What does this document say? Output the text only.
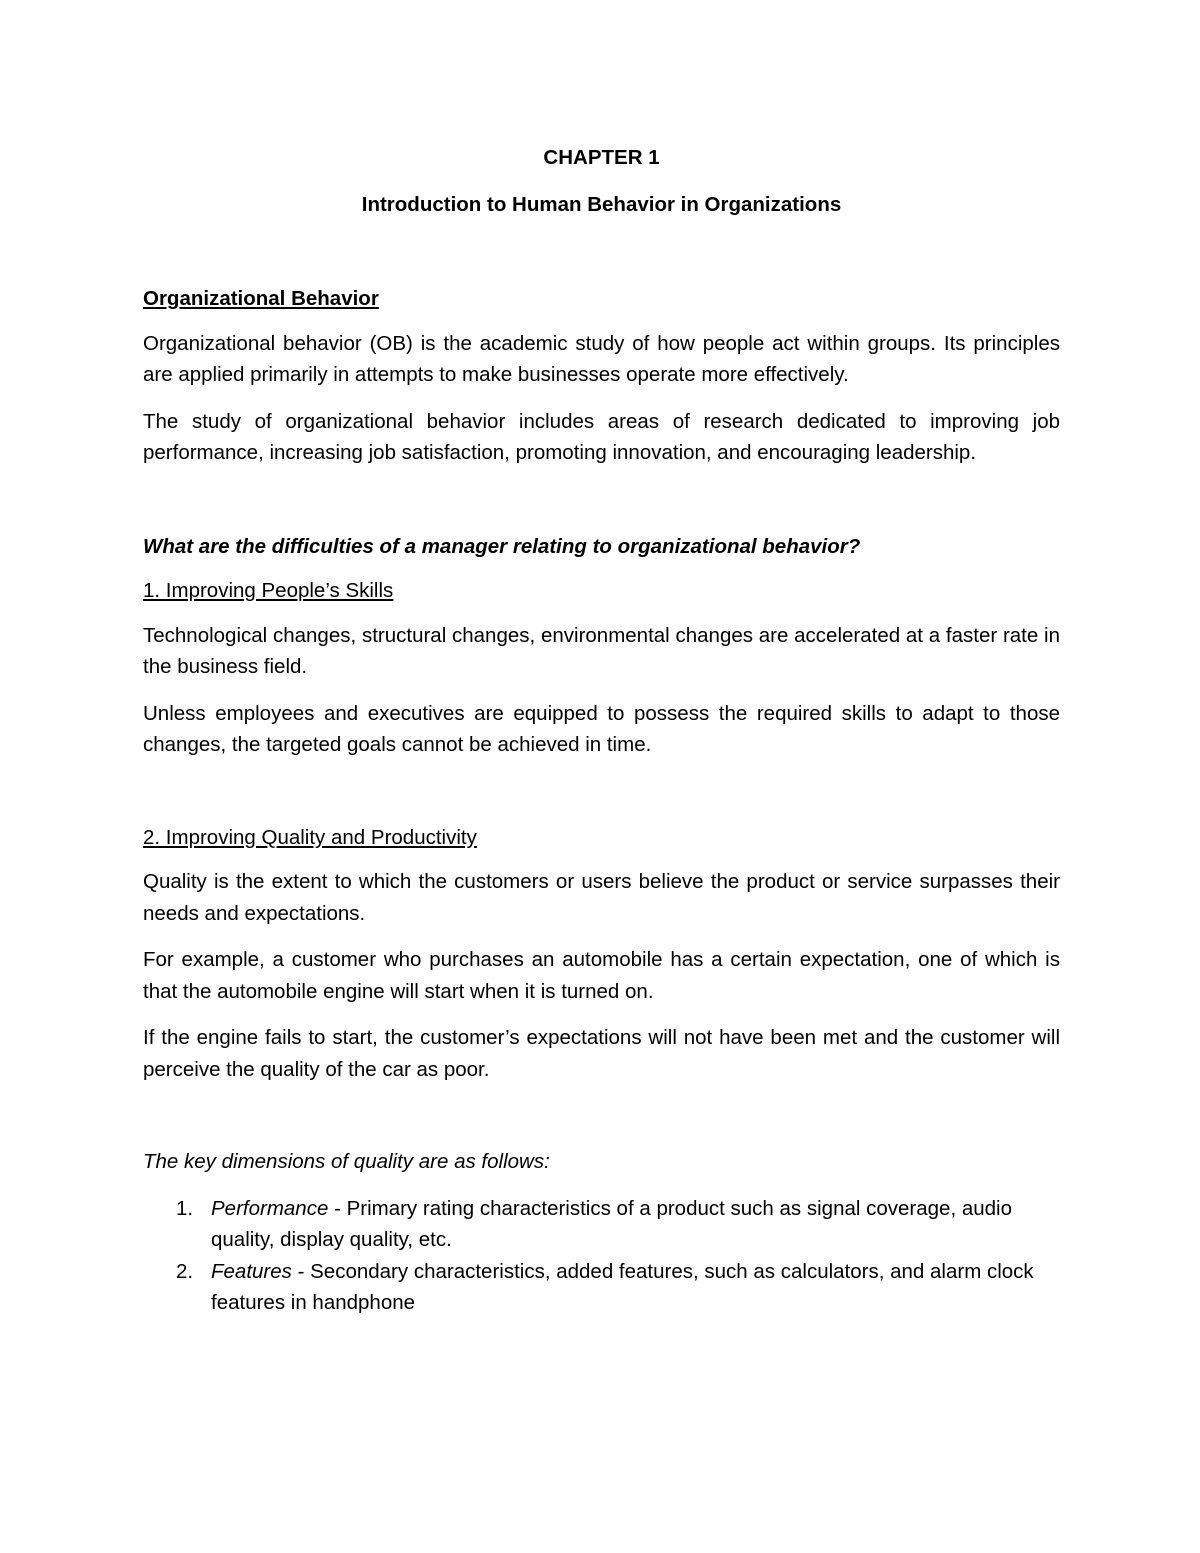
CHAPTER 1

Introduction to Human Behavior in Organizations

Organizational Behavior

Organizational behavior (OB) is the academic study of how people act within groups. Its principles are applied primarily in attempts to make businesses operate more effectively.

The study of organizational behavior includes areas of research dedicated to improving job performance, increasing job satisfaction, promoting innovation, and encouraging leadership.

What are the difficulties of a manager relating to organizational behavior?

1. Improving People’s Skills

Technological changes, structural changes, environmental changes are accelerated at a faster rate in the business field.

Unless employees and executives are equipped to possess the required skills to adapt to those changes, the targeted goals cannot be achieved in time.

2. Improving Quality and Productivity

Quality is the extent to which the customers or users believe the product or service surpasses their needs and expectations.

For example, a customer who purchases an automobile has a certain expectation, one of which is that the automobile engine will start when it is turned on.

If the engine fails to start, the customer’s expectations will not have been met and the customer will perceive the quality of the car as poor.

The key dimensions of quality are as follows:

1. Performance - Primary rating characteristics of a product such as signal coverage, audio quality, display quality, etc.
2. Features - Secondary characteristics, added features, such as calculators, and alarm clock features in handphone
